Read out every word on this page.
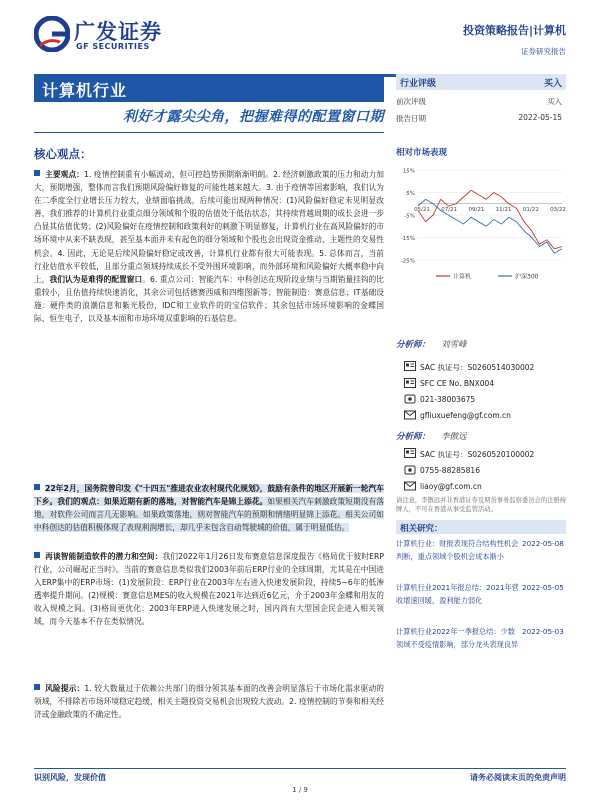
广发证券
GF SECURITIES
投资策略报告|计算机
证券研究报告
计算机行业
利好才露尖尖角，把握难得的配置窗口期
核心观点：
主要观点：1. 疫情控制重有小幅波动，但可控趋势预期渐渐明朗。2. 经济刺激政策的压力和动力加大，预期增强，整体而言我们预期风险偏好修复的可能性越来越大。3. 由于疫情等因素影响，我们认为在二季度全行业增长压力较大，业绩面临挑战，后续可能出现两种情况：(1)风险偏好稳定未见明显改善，我们推荐的计算机行业重点细分领域和个股的估值处于低估状态，其持续背越周期的成长会进一步凸显其估值优势；(2)风险偏好在疫情控制和政策利好的刺激下明显修复，计算机行业在高风险偏好的市场环境中从来不缺表现，甚至基本面并未有起色的细分领域和个股也会出现资金推动、主题性的交易性机会。4. 因此，无论是后续风险偏好稳定或改善，计算机行业都有很大可能表现。5. 总体而言，当前行业估值水平较低，且部分重点领域持续成长不受外围环境影响，而外部环境和风险偏好大概率稳中向上，我们认为是难得的配置窗口。6. 重点公司：智能汽车：中科创达在现阶段业绩与当期销量挂钩的比重较小，且估值持续快速消化，其余公司包括德赛西威和四维图新等；智能制造：赛意信息；IT基础设施：硬件类的浪潮信息和紫光股份，IDC和工业软件的的宝信软件；其余包括市场环境影响的金蝶国际、恒生电子，以及基本面和市场环境双重影响的石基信息。
22年2月，国务院曾印发《"十四五"推进农业农村现代化规划》，鼓励有条件的地区开展新一轮汽车下乡。我们的观点：如果近期有新的落地，对智能汽车是锦上添花。如果相关汽车刺激政策短期没有落地，对软件公司而言几无影响。如果政策落地，则对智能汽车的预期和情绪明显锦上添花。相关公司如中科创达的估值积极体现了表现利润增长，却几乎未包含自动驾驶城的价值，属于明显低估。
再谈智能制造软件的潜力和空间：我们2022年1月26日发布赛意信息深度报告《格局优于彼时ERP行业，公司崛起正当时》。当前的赛意信息类似我们2003年前后ERP行业的全球周期，尤其是在中国进入ERP集中的ERP市场：(1)发展阶段：ERP行业在2003年左右进入快速发展阶段，持续5~6年的低渗透率提升期间。(2)规模：赛意信息MES的收入规模在2021年达到近6亿元，介于2003年金蝶和用友的收入规模之间。(3)格局更优化：2003年ERP进入快速发展之时，国内尚有大型国企民企进入相关领域，而今天基本不存在类似情况。
风险提示：1. 较大数量过于依赖公共部门的细分领其基本面的改善会明显落后于市场化需求驱动的领域，不排除若市场环境稳定趋缓，相关主题投资交易机会出现较大波动。2. 疫情控制的节奏和相关经济或金融政策的不确定性。
行业评级	买入
前次评级	买入
报告日期	2022-05-15
相对市场表现
15%
5%
-5%
-15%
-25%
05/21 07/21 09/21 11/21 01/22 03/22
计算机	沪深300
分析师： 刘雪峰
SAC 执证号：S0260514030002
SFC CE No. BNX004
021-38003675
gfliuxuefeng@gf.com.cn
分析师： 李傲远
SAC 执证号：S0260520100002
0755-88285816
liaoy@gf.com.cn
相关研究：
计算机行业：财报表现符合结构性机会判断，重点领域个股机会成本渐小
2022-05-08
计算机行业2021年报总结：2021年营收增速回暖，盈利能力弱化
2022-05-05
计算机行业2022年一季报总结：少数领域不受疫情影响，部分龙头表现良异
2022-05-03
识别风险，发现价值	请务必阅读末页的免责声明
1 / 9
请注意，李傲远并非香港证券及期货事务监察委员会的注册持牌人，不可在香港从事受监管活动。
